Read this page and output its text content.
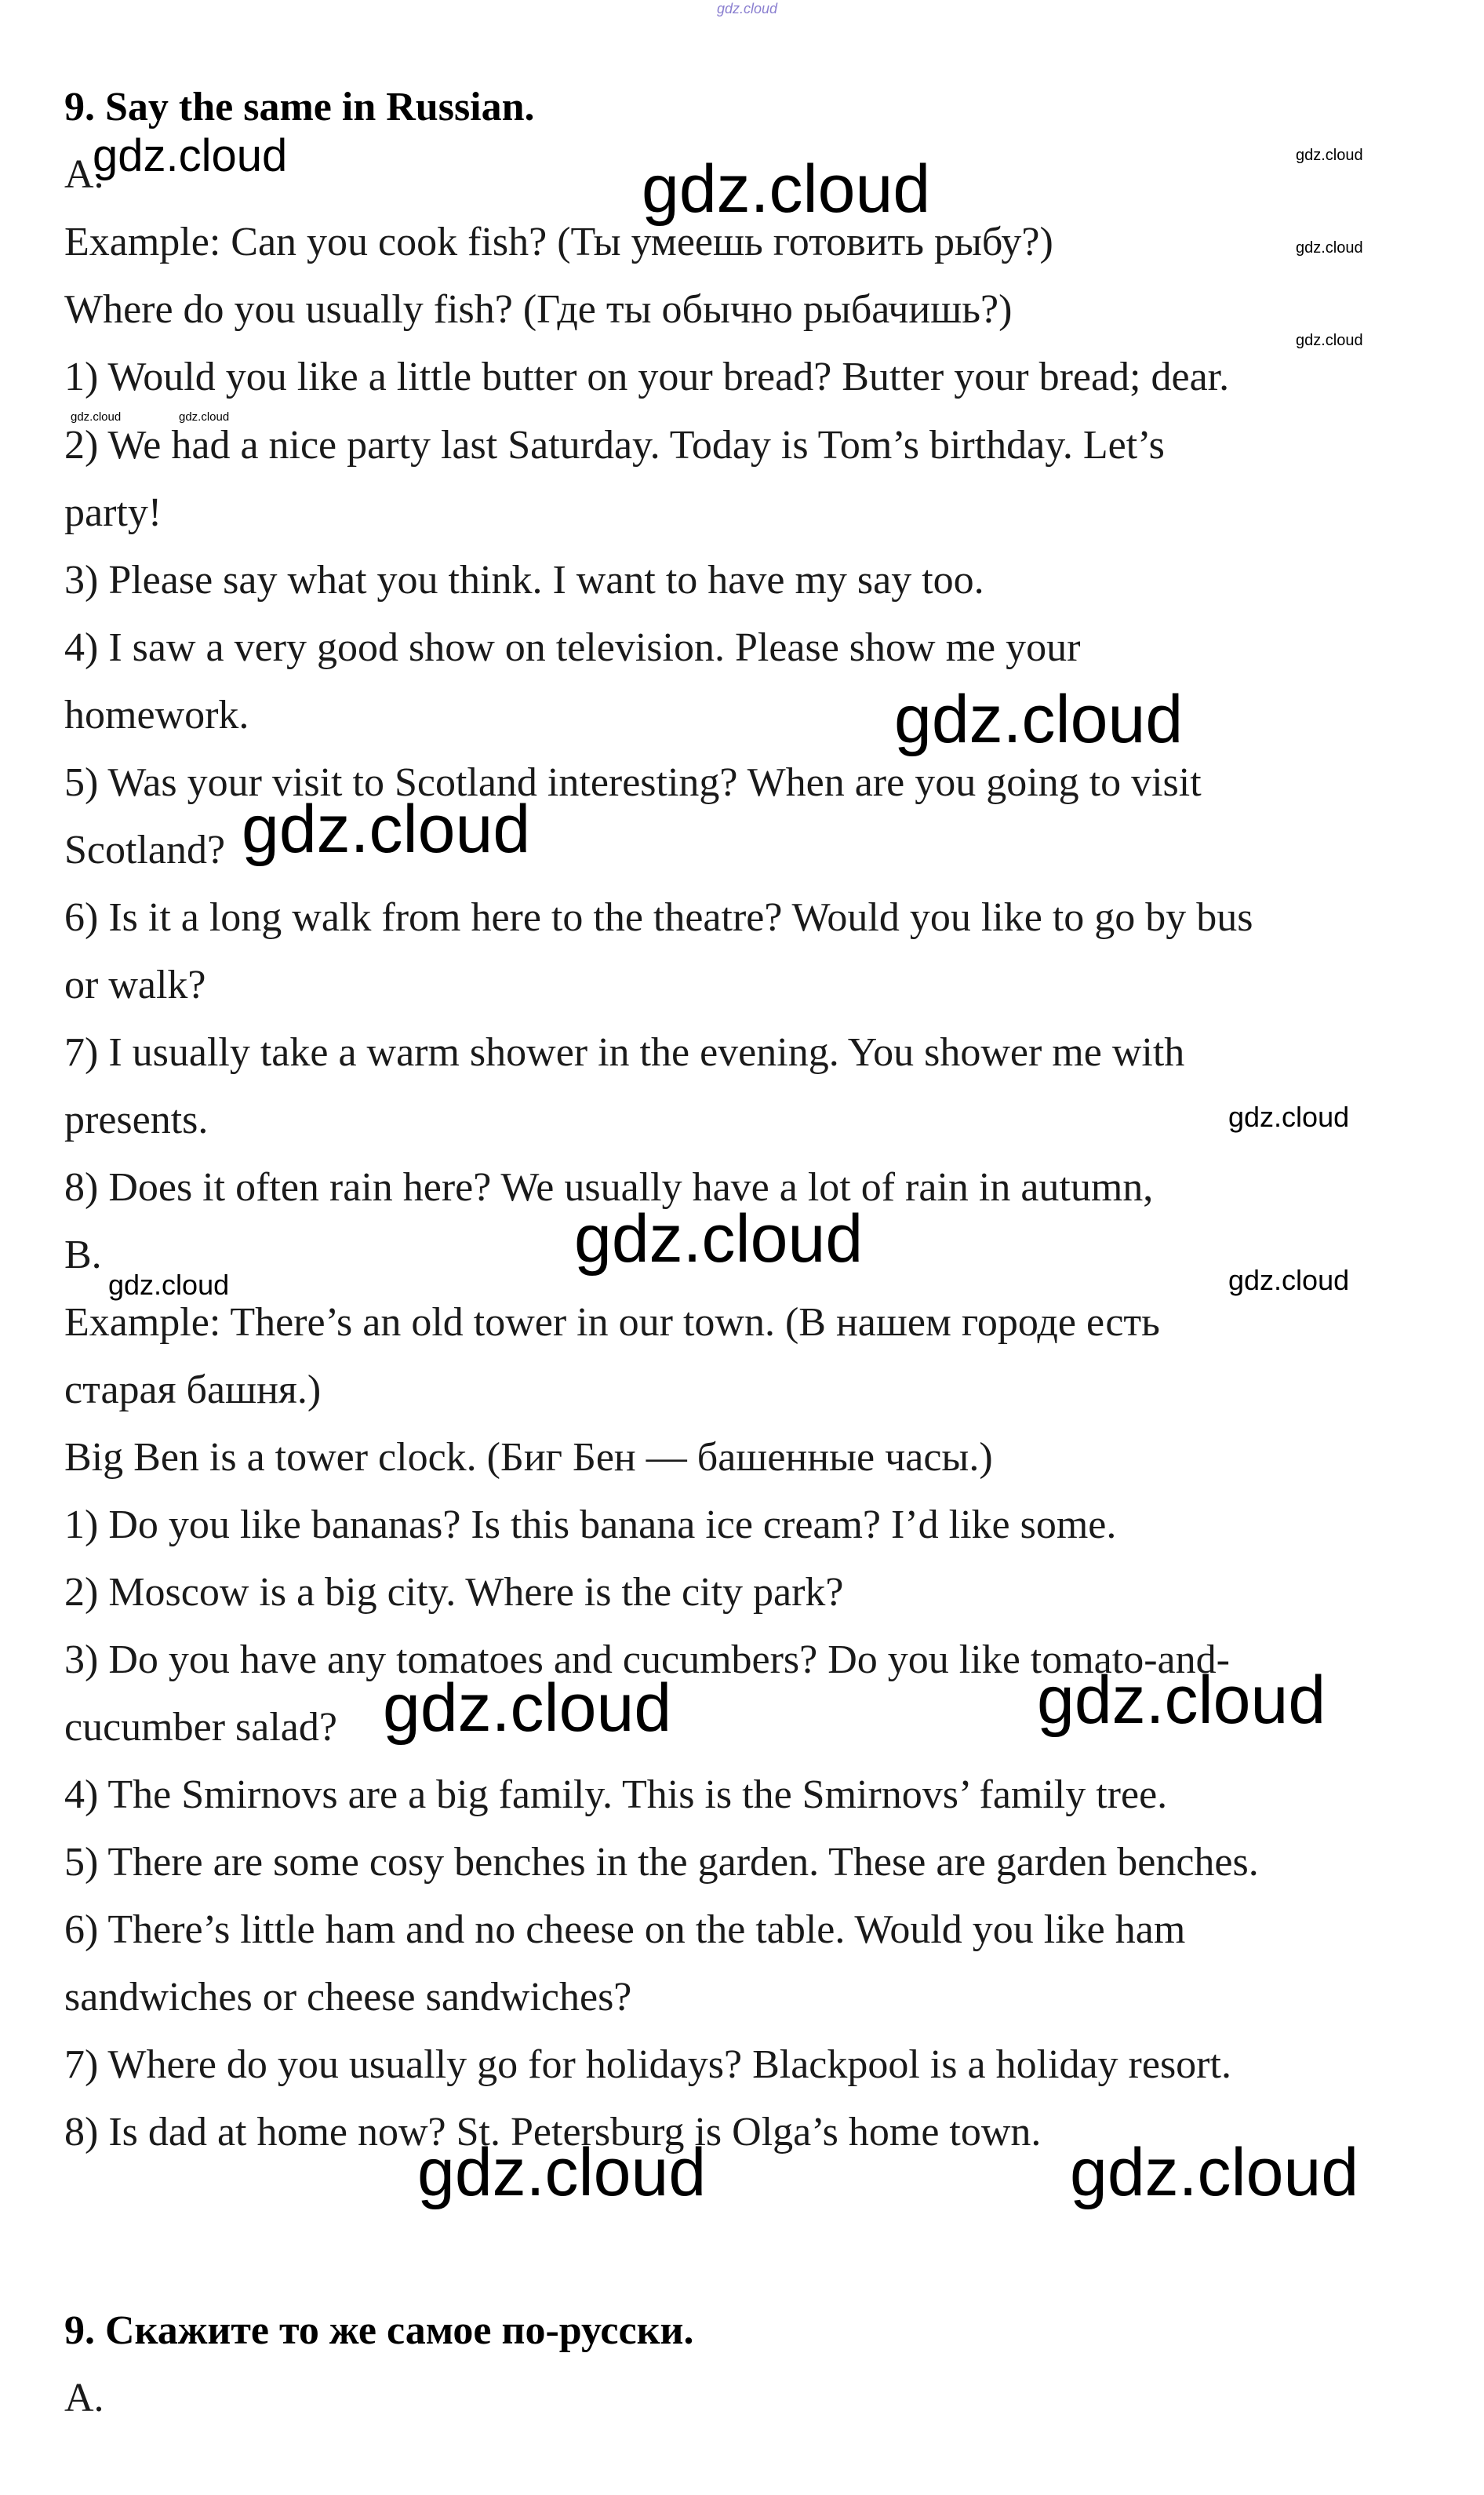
gdz.cloud
9. Say the same in Russian.
A.
Example: Can you cook fish? (Ты умеешь готовить рыбу?)
Where do you usually fish? (Где ты обычно рыбачишь?)
1) Would you like a little butter on your bread? Butter your bread; dear.
2) We had a nice party last Saturday. Today is Tom’s birthday. Let’s
party!
3) Please say what you think. I want to have my say too.
4) I saw a very good show on television. Please show me your
homework.
5) Was your visit to Scotland interesting? When are you going to visit
Scotland?
6) Is it a long walk from here to the theatre? Would you like to go by bus
or walk?
7) I usually take a warm shower in the evening. You shower me with
presents.
8) Does it often rain here? We usually have a lot of rain in autumn,
B.
Example: There’s an old tower in our town. (В нашем городе есть
старая башня.)
Big Ben is a tower clock. (Биг Бен — башенные часы.)
1) Do you like bananas? Is this banana ice cream? I’d like some.
2) Moscow is a big city. Where is the city park?
3) Do you have any tomatoes and cucumbers? Do you like tomato-and-
cucumber salad?
4) The Smirnovs are a big family. This is the Smirnovs’ family tree.
5) There are some cosy benches in the garden. These are garden benches.
6) There’s little ham and no cheese on the table. Would you like ham
sandwiches or cheese sandwiches?
7) Where do you usually go for holidays? Blackpool is a holiday resort.
8) Is dad at home now? St. Petersburg is Olga’s home town.
9. Скажите то же самое по-русски.
A.
gdz.cloud	gdz.cloud	gdz.cloud
gdz.cloud
gdz.cloud
gdz.cloud	gdz.cloud
gdz.cloud
gdz.cloud
gdz.cloud
gdz.cloud
gdz.cloud	gdz.cloud
gdz.cloud	gdz.cloud
gdz.cloud	gdz.cloud
